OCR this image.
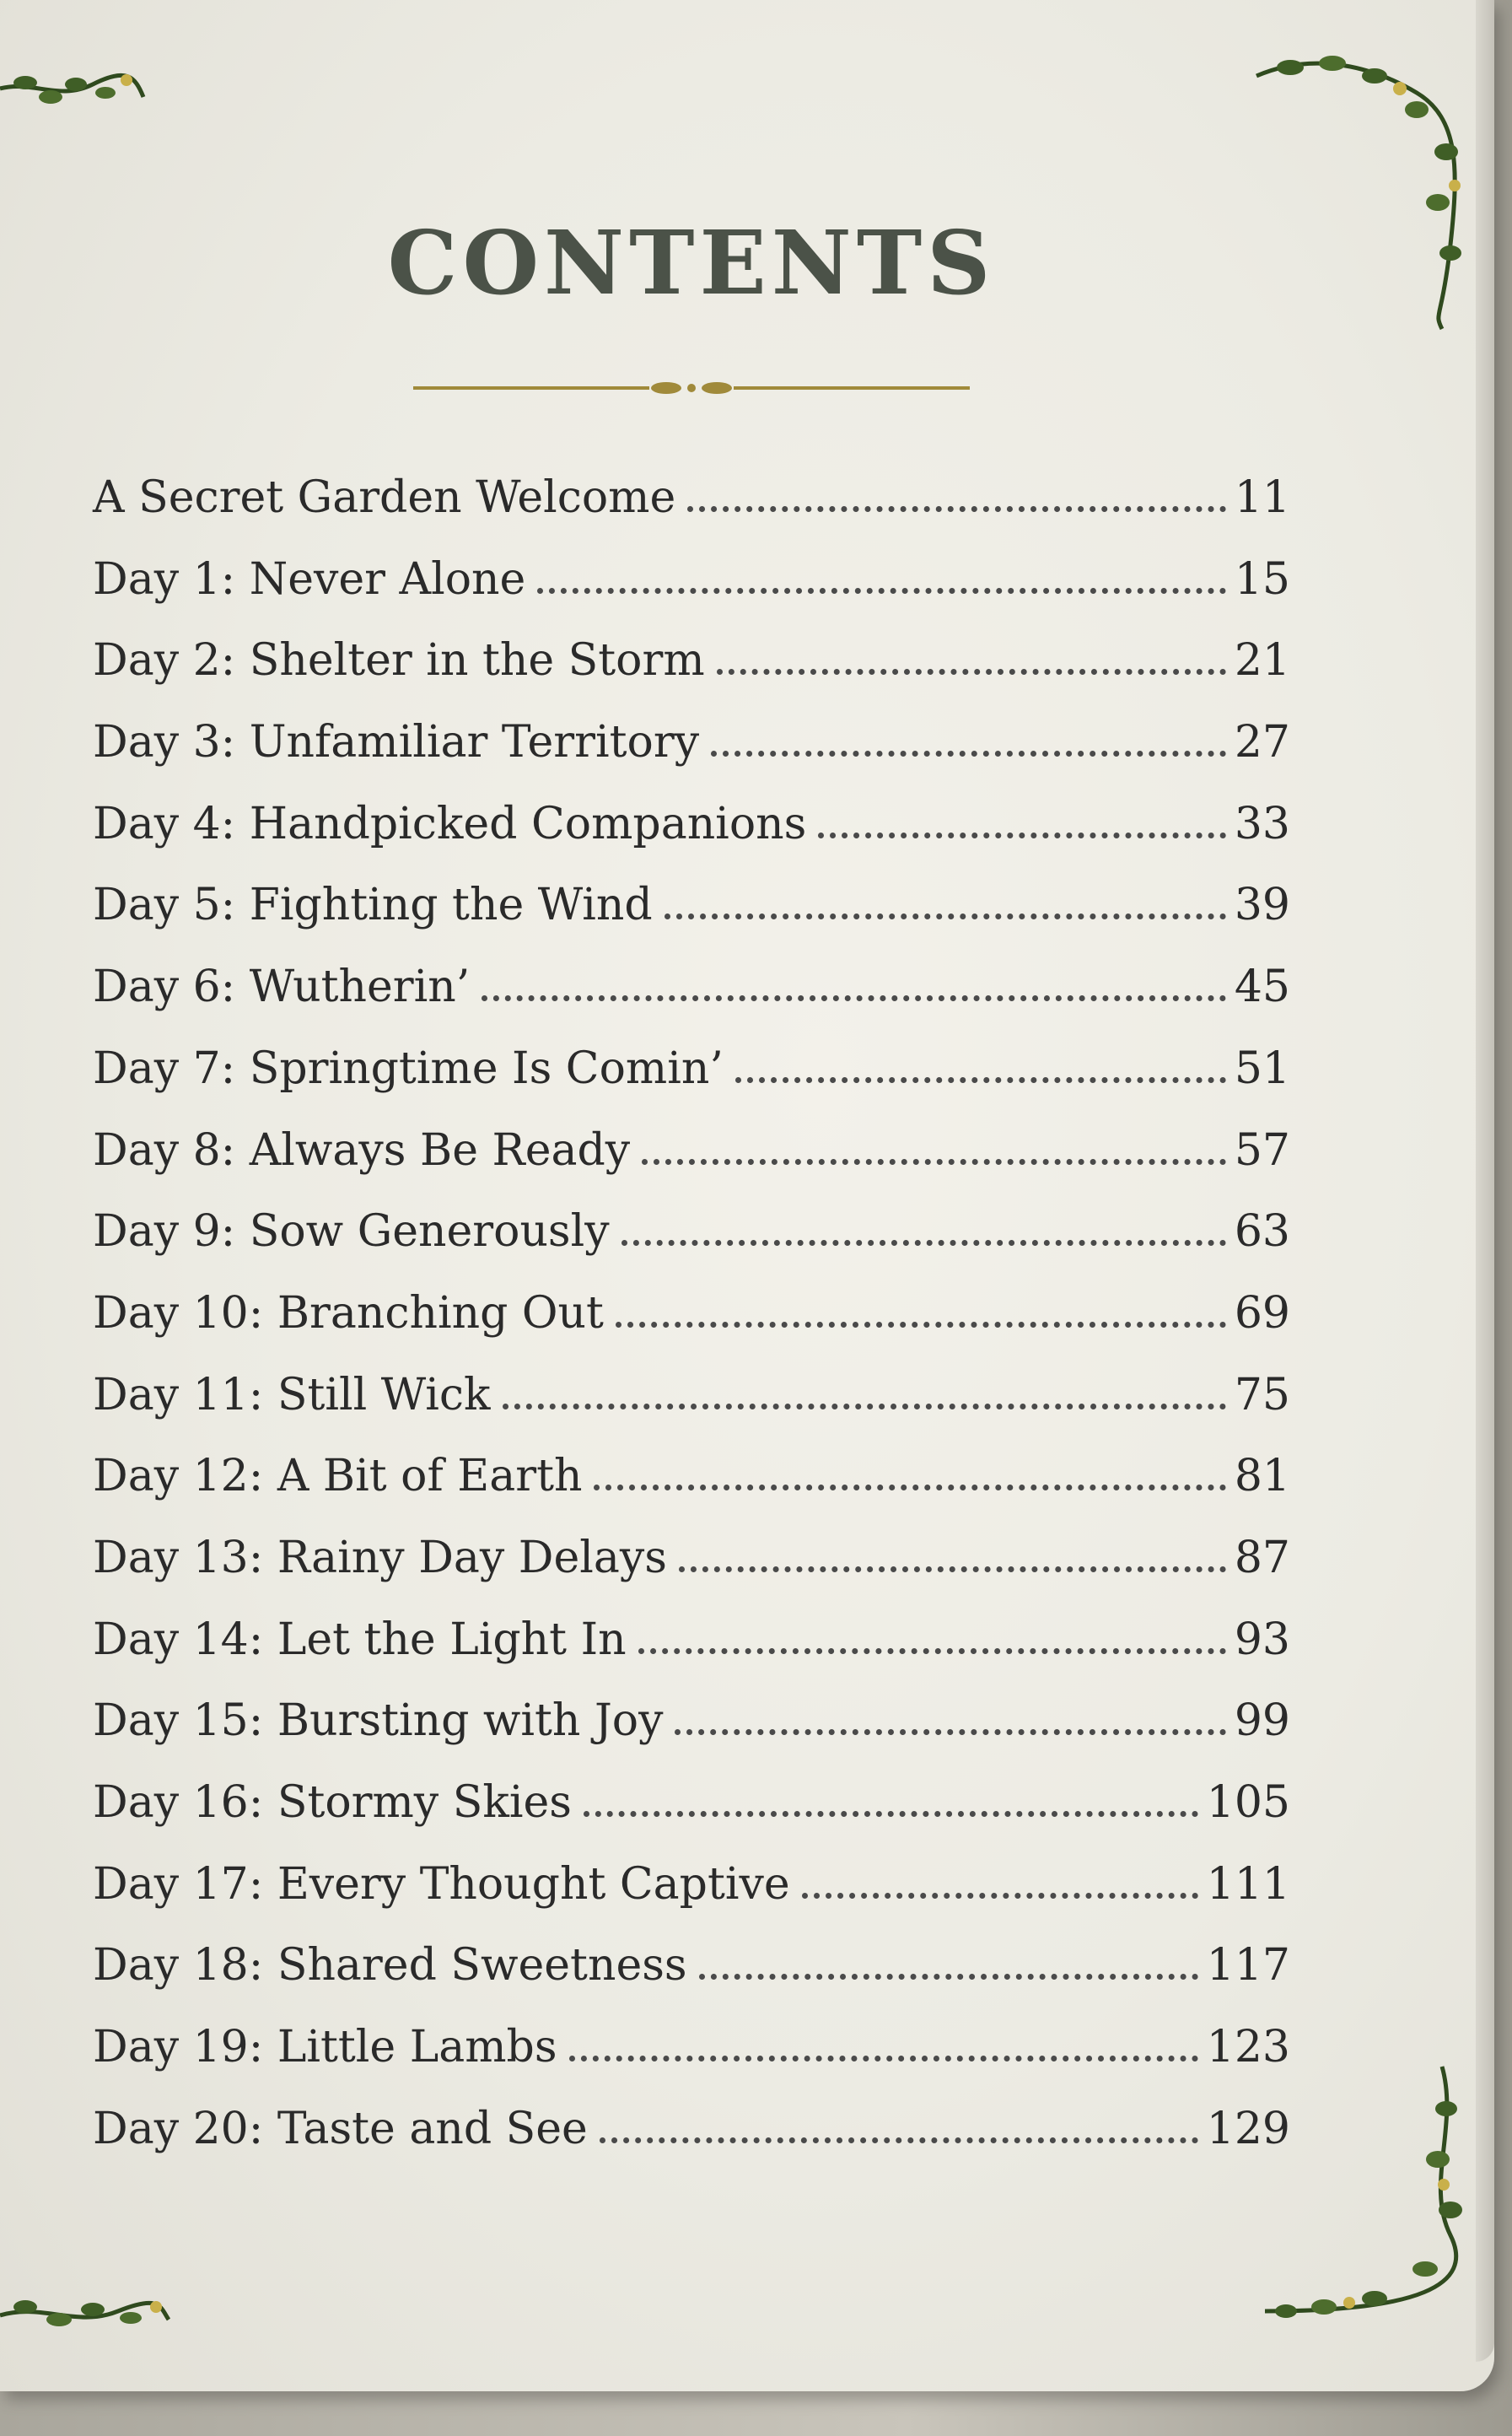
CONTENTS
A Secret Garden Welcome	11
Day 1: Never Alone	15
Day 2: Shelter in the Storm	21
Day 3: Unfamiliar Territory	27
Day 4: Handpicked Companions	33
Day 5: Fighting the Wind	39
Day 6: Wutherin’	45
Day 7: Springtime Is Comin’	51
Day 8: Always Be Ready	57
Day 9: Sow Generously	63
Day 10: Branching Out	69
Day 11: Still Wick	75
Day 12: A Bit of Earth	81
Day 13: Rainy Day Delays	87
Day 14: Let the Light In	93
Day 15: Bursting with Joy	99
Day 16: Stormy Skies	105
Day 17: Every Thought Captive	111
Day 18: Shared Sweetness	117
Day 19: Little Lambs	123
Day 20: Taste and See	129
